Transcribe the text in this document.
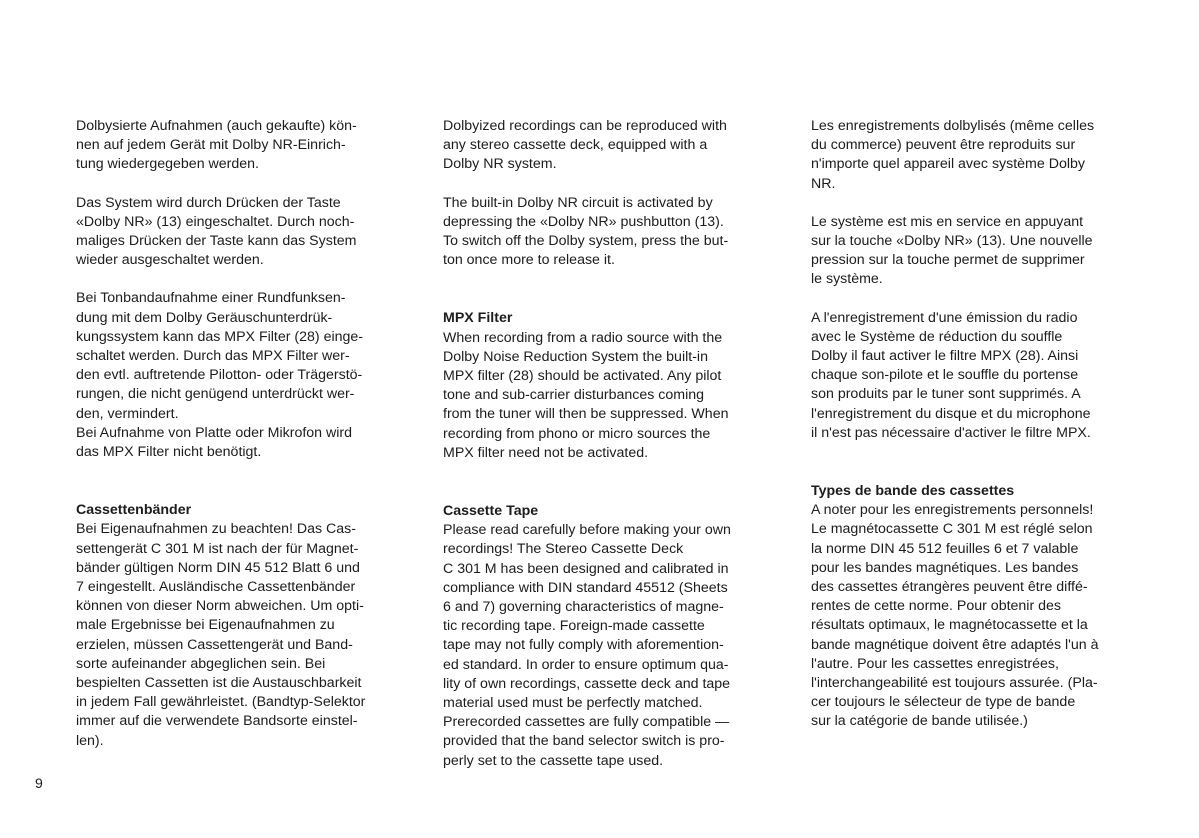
Dolbysierte Aufnahmen (auch gekaufte) kön-
nen auf jedem Gerät mit Dolby NR-Einrich-
tung wiedergegeben werden.

Das System wird durch Drücken der Taste
«Dolby NR» (13) eingeschaltet. Durch noch-
maliges Drücken der Taste kann das System
wieder ausgeschaltet werden.

Bei Tonbandaufnahme einer Rundfunksen-
dung mit dem Dolby Geräuschunterdrük-
kungssystem kann das MPX Filter (28) einge-
schaltet werden. Durch das MPX Filter wer-
den evtl. auftretende Pilotton- oder Trägerstö-
rungen, die nicht genügend unterdrückt wer-
den, vermindert.
Bei Aufnahme von Platte oder Mikrofon wird
das MPX Filter nicht benötigt.

Cassettenbänder

Bei Eigenaufnahmen zu beachten! Das Cas-
settengerät C 301 M ist nach der für Magnet-
bänder gültigen Norm DIN 45 512 Blatt 6 und
7 eingestellt. Ausländische Cassettenbänder
können von dieser Norm abweichen. Um opti-
male Ergebnisse bei Eigenaufnahmen zu
erzielen, müssen Cassettengerät und Band-
sorte aufeinander abgeglichen sein. Bei
bespielten Cassetten ist die Austauschbarkeit
in jedem Fall gewährleistet. (Bandtyp-Selektor
immer auf die verwendete Bandsorte einstel-
len).

Dolbyized recordings can be reproduced with
any stereo cassette deck, equipped with a
Dolby NR system.

The built-in Dolby NR circuit is activated by
depressing the «Dolby NR» pushbutton (13).
To switch off the Dolby system, press the but-
ton once more to release it.

MPX Filter

When recording from a radio source with the
Dolby Noise Reduction System the built-in
MPX filter (28) should be activated. Any pilot
tone and sub-carrier disturbances coming
from the tuner will then be suppressed. When
recording from phono or micro sources the
MPX filter need not be activated.

Cassette Tape

Please read carefully before making your own
recordings! The Stereo Cassette Deck
C 301 M has been designed and calibrated in
compliance with DIN standard 45512 (Sheets
6 and 7) governing characteristics of magne-
tic recording tape. Foreign-made cassette
tape may not fully comply with aforemention-
ed standard. In order to ensure optimum qua-
lity of own recordings, cassette deck and tape
material used must be perfectly matched.
Prerecorded cassettes are fully compatible —
provided that the band selector switch is pro-
perly set to the cassette tape used.

Les enregistrements dolbylisés (même celles
du commerce) peuvent être reproduits sur
n'importe quel appareil avec système Dolby
NR.

Le système est mis en service en appuyant
sur la touche «Dolby NR» (13). Une nouvelle
pression sur la touche permet de supprimer
le système.

A l'enregistrement d'une émission du radio
avec le Système de réduction du souffle
Dolby il faut activer le filtre MPX (28). Ainsi
chaque son-pilote et le souffle du portense
son produits par le tuner sont supprimés. A
l'enregistrement du disque et du microphone
il n'est pas nécessaire d'activer le filtre MPX.

Types de bande des cassettes

A noter pour les enregistrements personnels!
Le magnétocassette C 301 M est réglé selon
la norme DIN 45 512 feuilles 6 et 7 valable
pour les bandes magnétiques. Les bandes
des cassettes étrangères peuvent être diffé-
rentes de cette norme. Pour obtenir des
résultats optimaux, le magnétocassette et la
bande magnétique doivent être adaptés l'un à
l'autre. Pour les cassettes enregistrées,
l'interchangeabilité est toujours assurée. (Pla-
cer toujours le sélecteur de type de bande
sur la catégorie de bande utilisée.)

9
